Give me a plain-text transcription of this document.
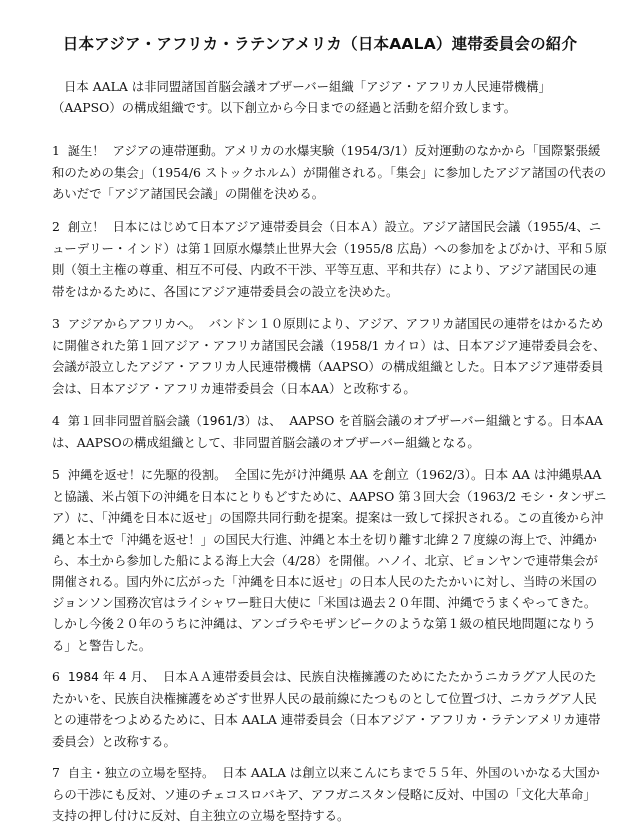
日本アジア・アフリカ・ラテンアメリカ（日本AALA）連帯委員会の紹介

日本 AALA は非同盟諸国首脳会議オブザーバー組織「アジア・アフリカ人民連帯機構」（AAPSO）の構成組織です。以下創立から今日までの経過と活動を紹介致します。

1 誕生！ アジアの連帯運動。アメリカの水爆実験（1954/3/1）反対運動のなかから「国際緊張緩和のための集会」（1954/6 ストックホルム）が開催される。「集会」に参加したアジア諸国の代表のあいだで「アジア諸国民会議」の開催を決める。

2 創立！ 日本にはじめて日本アジア連帯委員会（日本Ａ）設立。アジア諸国民会議（1955/4、ニューデリー・インド）は第１回原水爆禁止世界大会（1955/8 広島）への参加をよびかけ、平和５原則（領土主権の尊重、相互不可侵、内政不干渉、平等互恵、平和共存）により、アジア諸国民の連帯をはかるために、各国にアジア連帯委員会の設立を決めた。

3 アジアからアフリカへ。 バンドン１０原則により、アジア、アフリカ諸国民の連帯をはかるために開催された第１回アジア・アフリカ諸国民会議（1958/1 カイロ）は、日本アジア連帯委員会を、会議が設立したアジア・アフリカ人民連帯機構（AAPSO）の構成組織とした。日本アジア連帯委員会は、日本アジア・アフリカ連帯委員会（日本AA）と改称する。

4 第１回非同盟首脳会議（1961/3）は、 AAPSO を首脳会議のオブザーバー組織とする。日本AAは、AAPSOの構成組織として、非同盟首脳会議のオブザーバー組織となる。

5 沖縄を返せ！に先駆的役割。 全国に先がけ沖縄県 AA を創立（1962/3）。日本 AA は沖縄県AA と協議、米占領下の沖縄を日本にとりもどすために、AAPSO 第３回大会（1963/2 モシ・タンザニア）に、「沖縄を日本に返せ」の国際共同行動を提案。提案は一致して採択される。この直後から沖縄と本土で「沖縄を返せ！」の国民大行進、沖縄と本土を切り離す北緯２７度線の海上で、沖縄から、本土から参加した船による海上大会（4/28）を開催。ハノイ、北京、ピョンヤンで連帯集会が開催される。国内外に広がった「沖縄を日本に返せ」の日本人民のたたかいに対し、当時の米国のジョンソン国務次官はライシャワー駐日大使に「米国は過去２０年間、沖縄でうまくやってきた。しかし今後２０年のうちに沖縄は、アンゴラやモザンビークのような第１級の植民地問題になりうる」と警告した。

6 1984 年 4 月、 日本ＡＡ連帯委員会は、民族自決権擁護のためにたたかうニカラグア人民のたたかいを、民族自決権擁護をめざす世界人民の最前線にたつものとして位置づけ、ニカラグア人民との連帯をつよめるために、日本 AALA 連帯委員会（日本アジア・アフリカ・ラテンアメリカ連帯委員会）と改称する。

7 自主・独立の立場を堅持。 日本 AALA は創立以来こんにちまで５５年、外国のいかなる大国からの干渉にも反対、ソ連のチェコスロバキア、アフガニスタン侵略に反対、中国の「文化大革命」支持の押し付けに反対、自主独立の立場を堅持する。
